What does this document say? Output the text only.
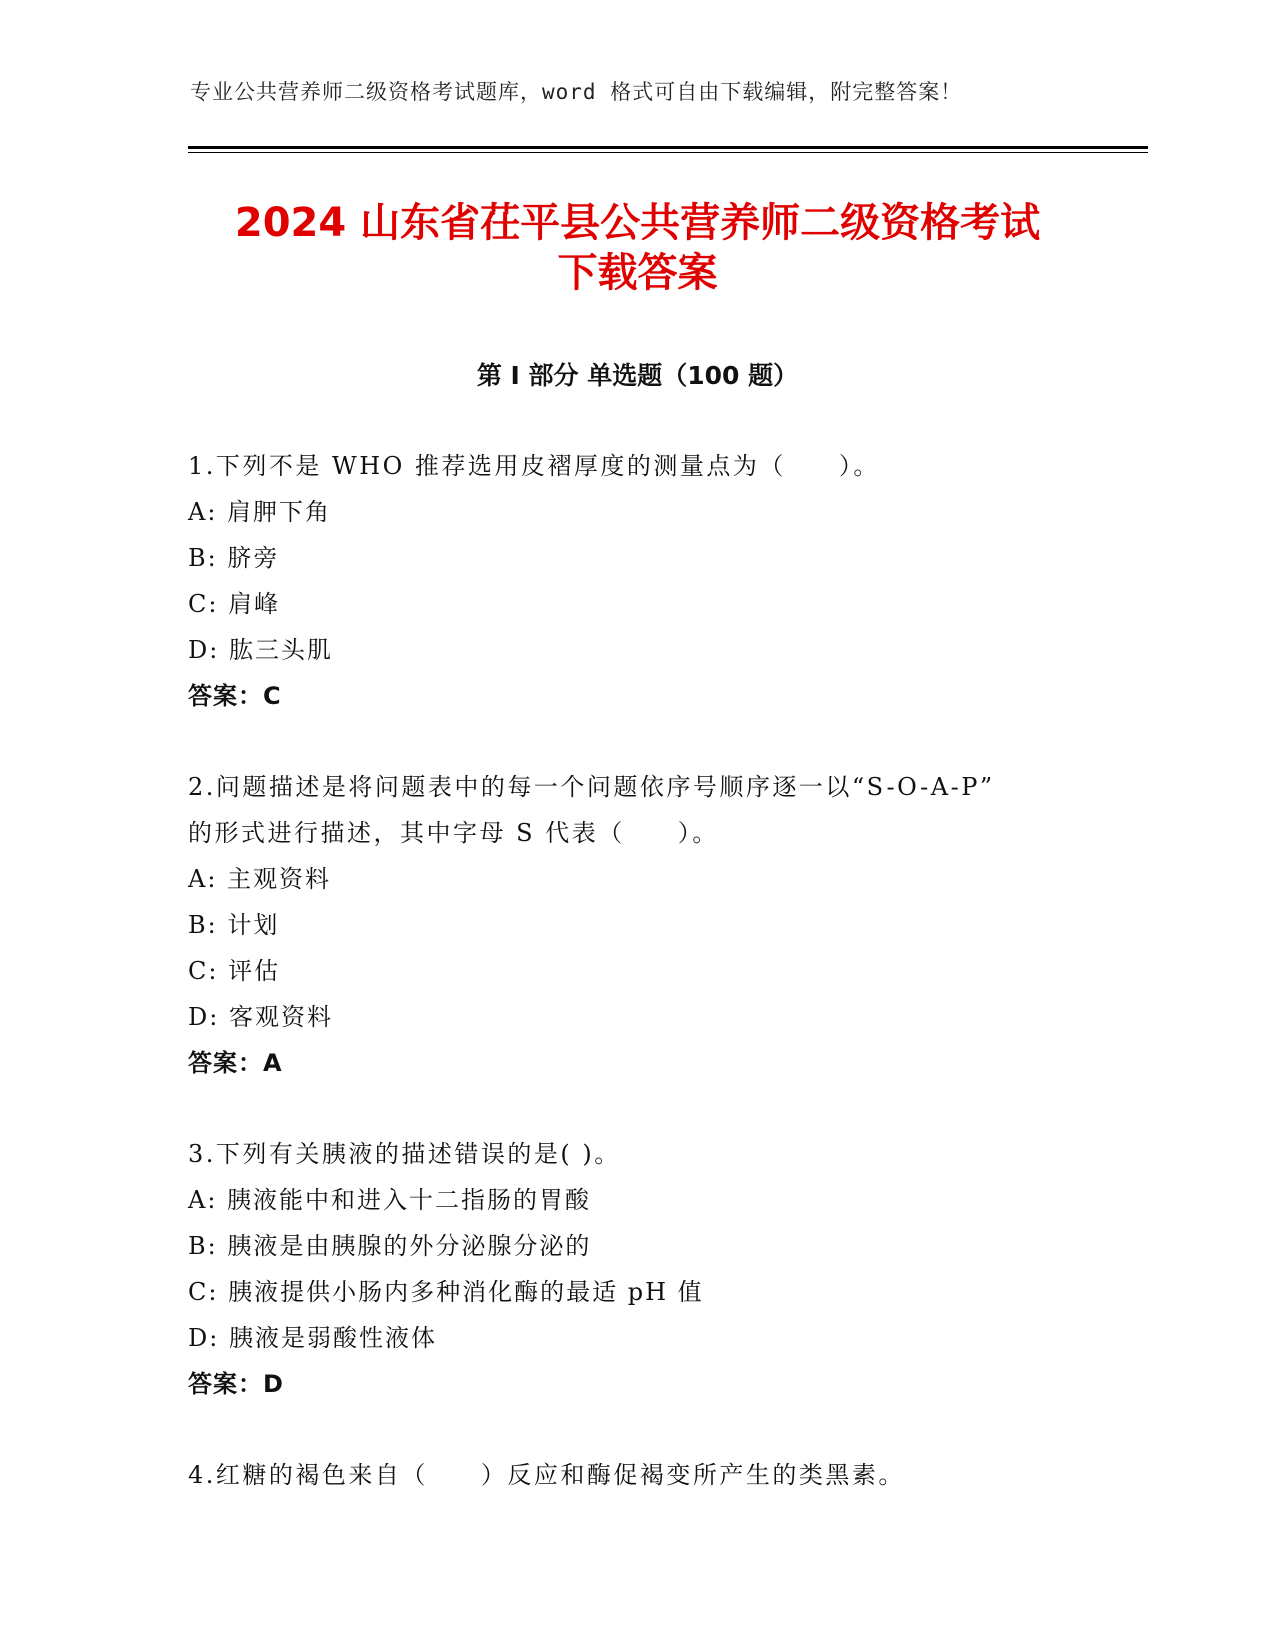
专业公共营养师二级资格考试题库，word 格式可自由下载编辑，附完整答案！
2024 山东省茌平县公共营养师二级资格考试
下载答案
第 I 部分 单选题（100 题）
1.下列不是 WHO 推荐选用皮褶厚度的测量点为（　　）。
A: 肩胛下角
B: 脐旁
C: 肩峰
D: 肱三头肌
答案：C
2.问题描述是将问题表中的每一个问题依序号顺序逐一以“S-O-A-P”
的形式进行描述，其中字母 S 代表（　　）。
A: 主观资料
B: 计划
C: 评估
D: 客观资料
答案：A
3.下列有关胰液的描述错误的是( )。
A: 胰液能中和进入十二指肠的胃酸
B: 胰液是由胰腺的外分泌腺分泌的
C: 胰液提供小肠内多种消化酶的最适 pH 值
D: 胰液是弱酸性液体
答案：D
4.红糖的褐色来自（　　）反应和酶促褐变所产生的类黑素。
